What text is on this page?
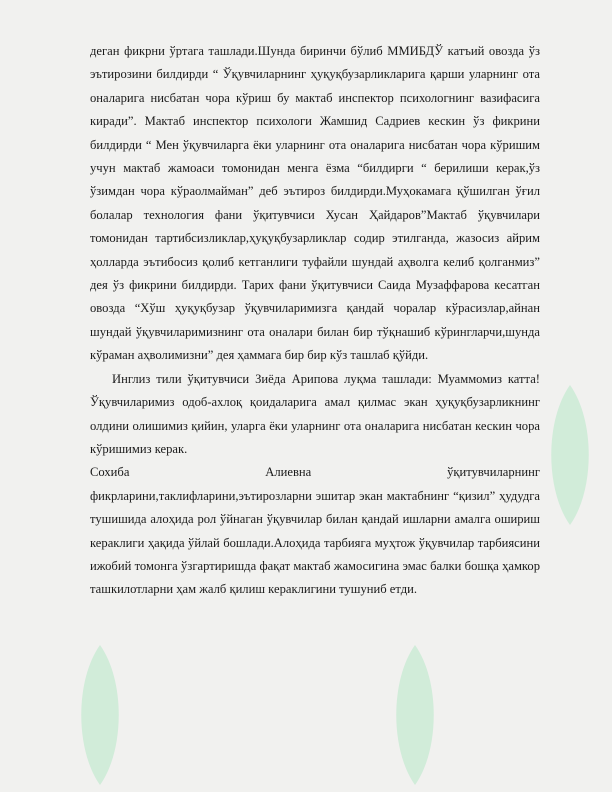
деган фикрни ўртага ташлади.Шунда биринчи бўлиб ММИБДЎ катъий овозда ўз эътирозини билдирди “ Ўқувчиларнинг ҳуқуқбузарликларига қарши уларнинг ота оналарига нисбатан чора кўриш бу мактаб инспектор психологнинг вазифасига киради”. Мактаб инспектор психологи Жамшид Садриев кескин ўз фикрини билдирди “ Мен ўқувчиларга ёки уларнинг ота оналарига нисбатан чора кўришим учун мактаб жамоаси томонидан менга ёзма “билдирги “ берилиши керак,ўз ўзимдан чора кўраолмайман” деб эътироз билдирди.Муҳокамага қўшилган ўғил болалар технология фани ўқитувчиси Хусан Ҳайдаров”Мактаб ўқувчилари томонидан тартибсизликлар,ҳуқуқбузарликлар содир этилганда, жазосиз айрим ҳолларда эътибосиз қолиб кетганлиги туфайли шундай аҳволга келиб қолганмиз” дея ўз фикрини билдирди. Тарих фани ўқитувчиси Саида Музаффарова кесатган овозда “Хўш ҳуқуқбузар ўқувчиларимизга қандай чоралар кўрасизлар,айнан шундай ўқувчиларимизнинг ота оналари билан бир тўқнашиб кўрингларчи,шунда кўраман аҳволимизни” дея ҳаммага бир бир кўз ташлаб қўйди.

Инглиз тили ўқитувчиси Зиёда Арипова луқма ташлади: Муаммомиз катта! Ўқувчиларимиз одоб-ахлоқ қоидаларига амал қилмас экан ҳуқуқбузарликнинг олдини олишимиз қийин, уларга ёки уларнинг ота оналарига нисбатан кескин чора кўришимиз керак.

Сохиба	Алиевна	ўқитувчиларнинг

фикрларини,таклифларини,эътирозларни эшитар экан мактабнинг “қизил” ҳудудга тушишида алоҳида рол ўйнаган ўқувчилар билан қандай ишларни амалга ошириш кераклиги ҳақида ўйлай бошлади.Алоҳида тарбияга муҳтож ўқувчилар тарбиясини ижобий томонга ўзгартиришда фақат мактаб жамосигина эмас балки бошқа ҳамкор ташкилотларни ҳам жалб қилиш кераклигини тушуниб етди.
